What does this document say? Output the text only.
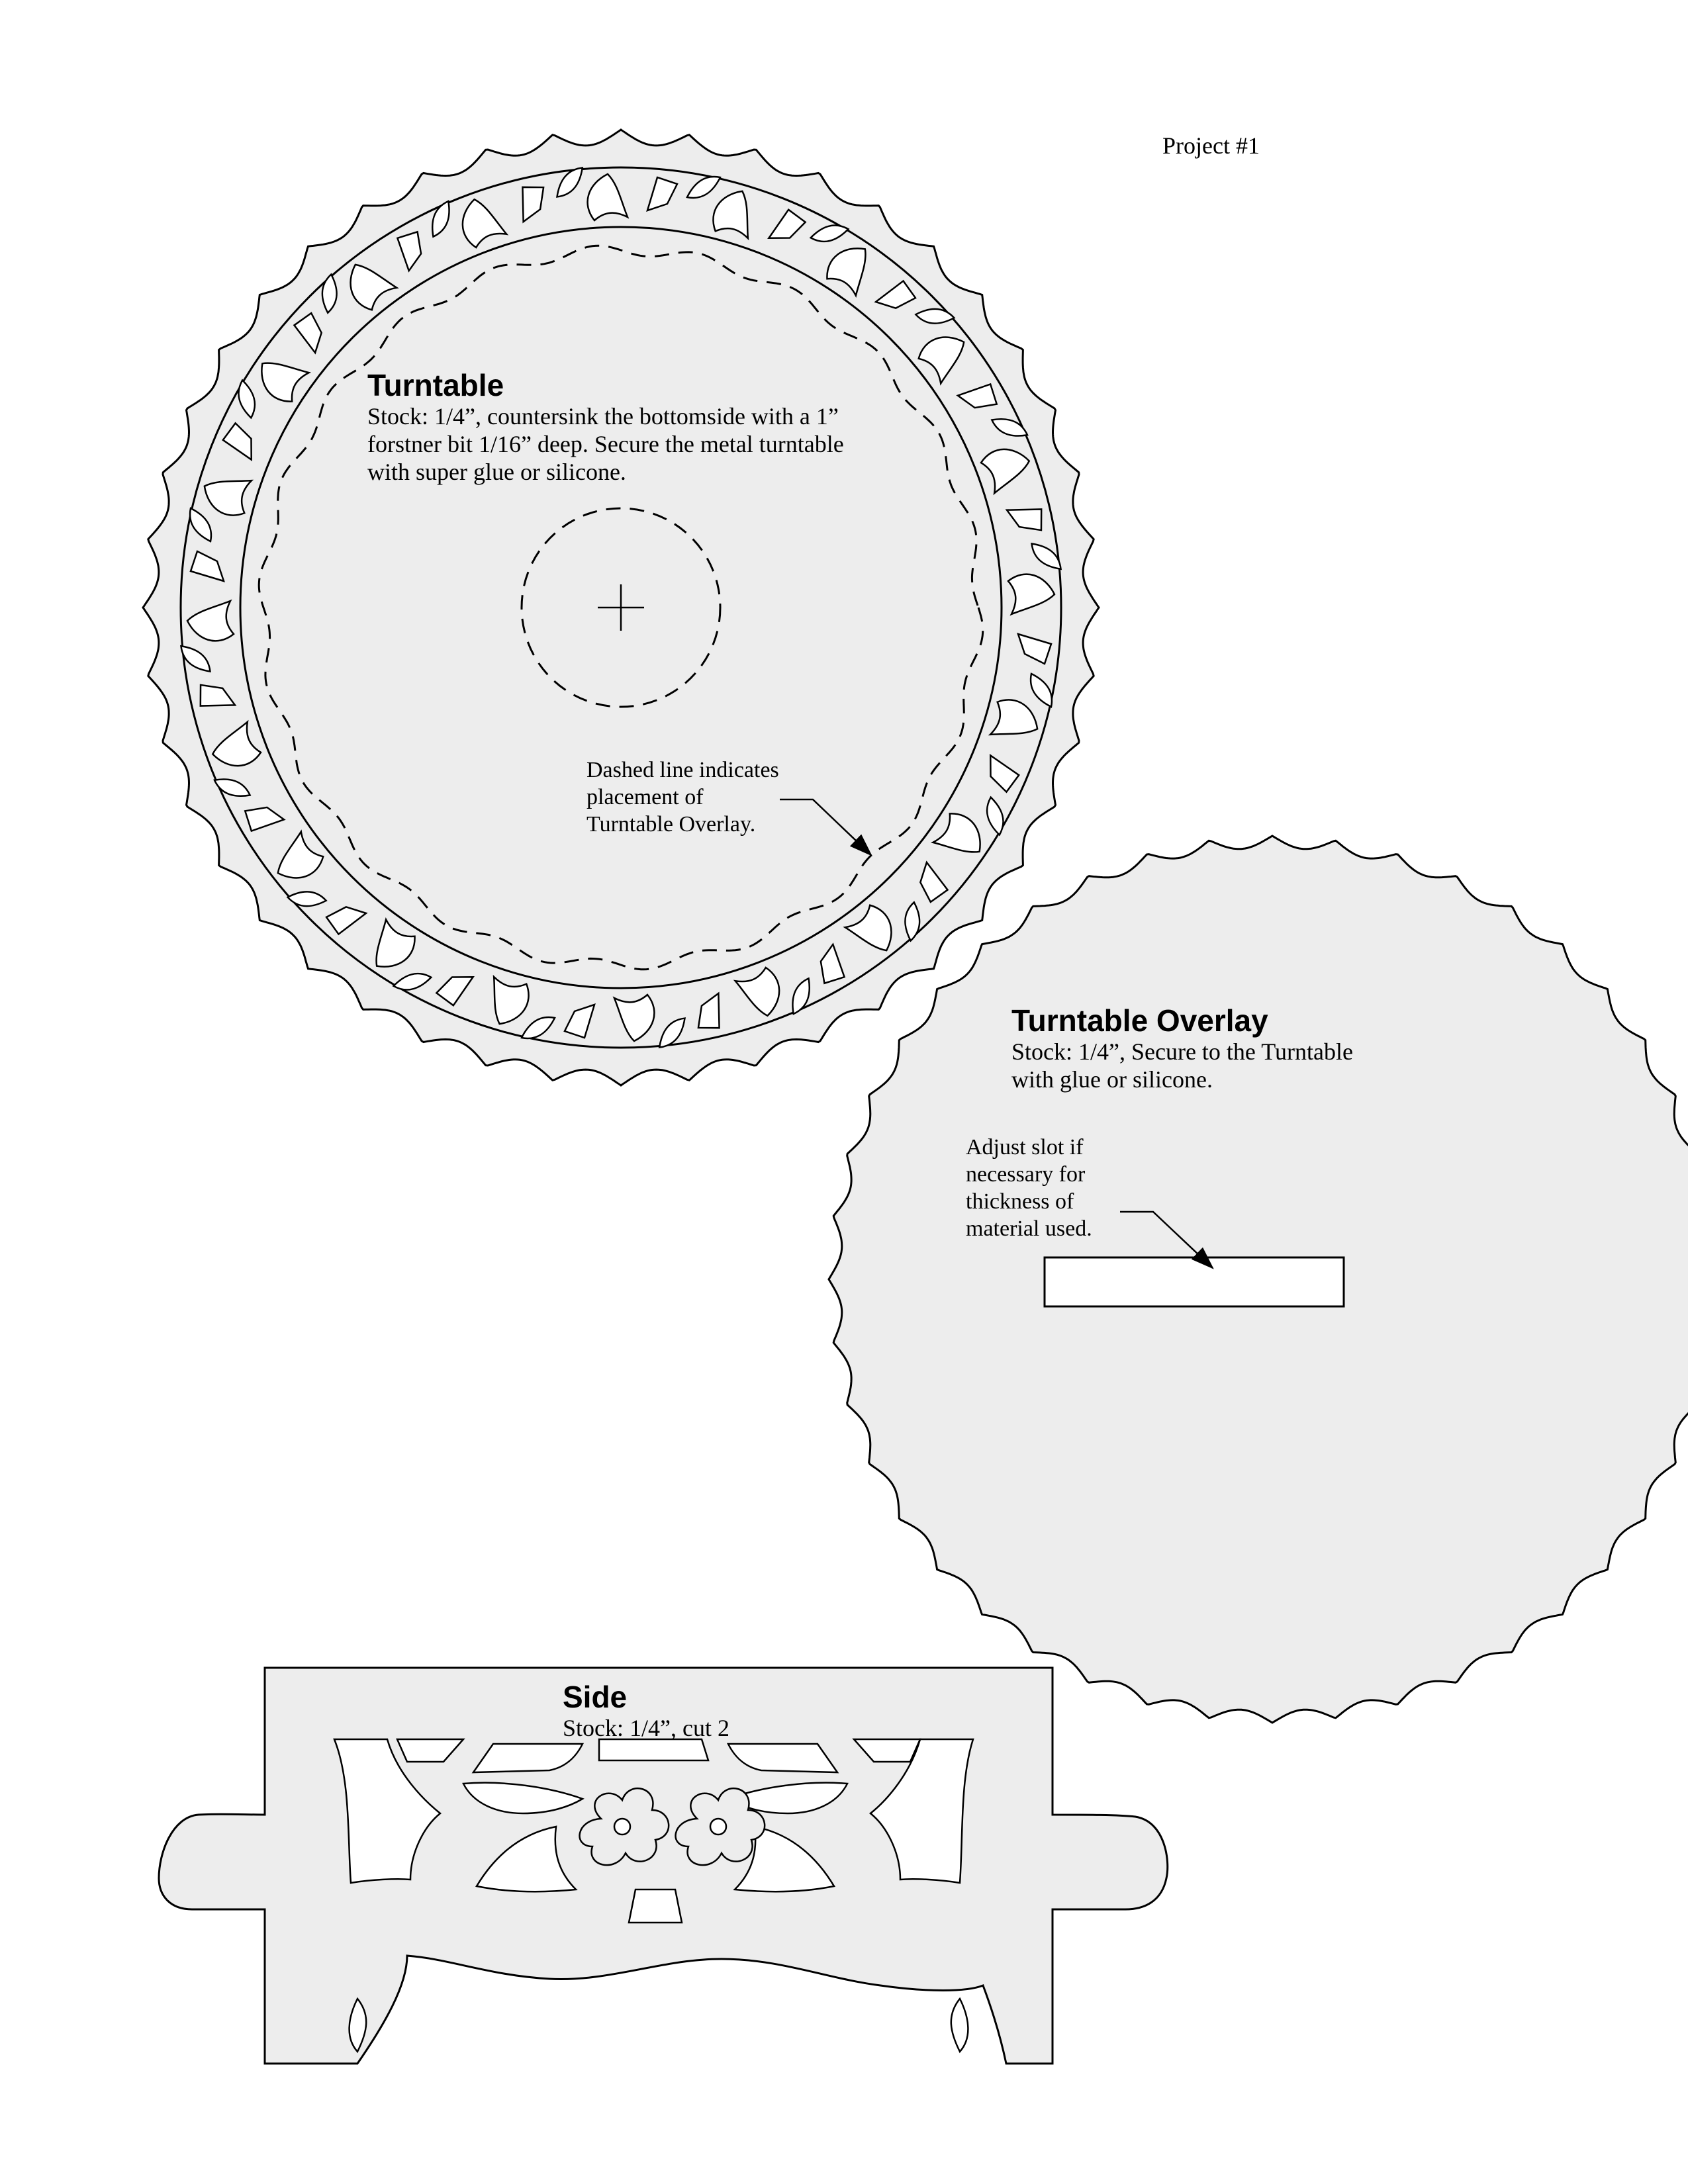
Project #1
Turntable
Stock: 1/4”, countersink the bottomside with a 1”
forstner bit 1/16” deep. Secure the metal turntable
with super glue or silicone.
Dashed line indicates
placement of
Turntable Overlay.
Turntable Overlay
Stock: 1/4”, Secure to the Turntable
with glue or silicone.
Adjust slot if
necessary for
thickness of
material used.
Side
Stock: 1/4”, cut 2
